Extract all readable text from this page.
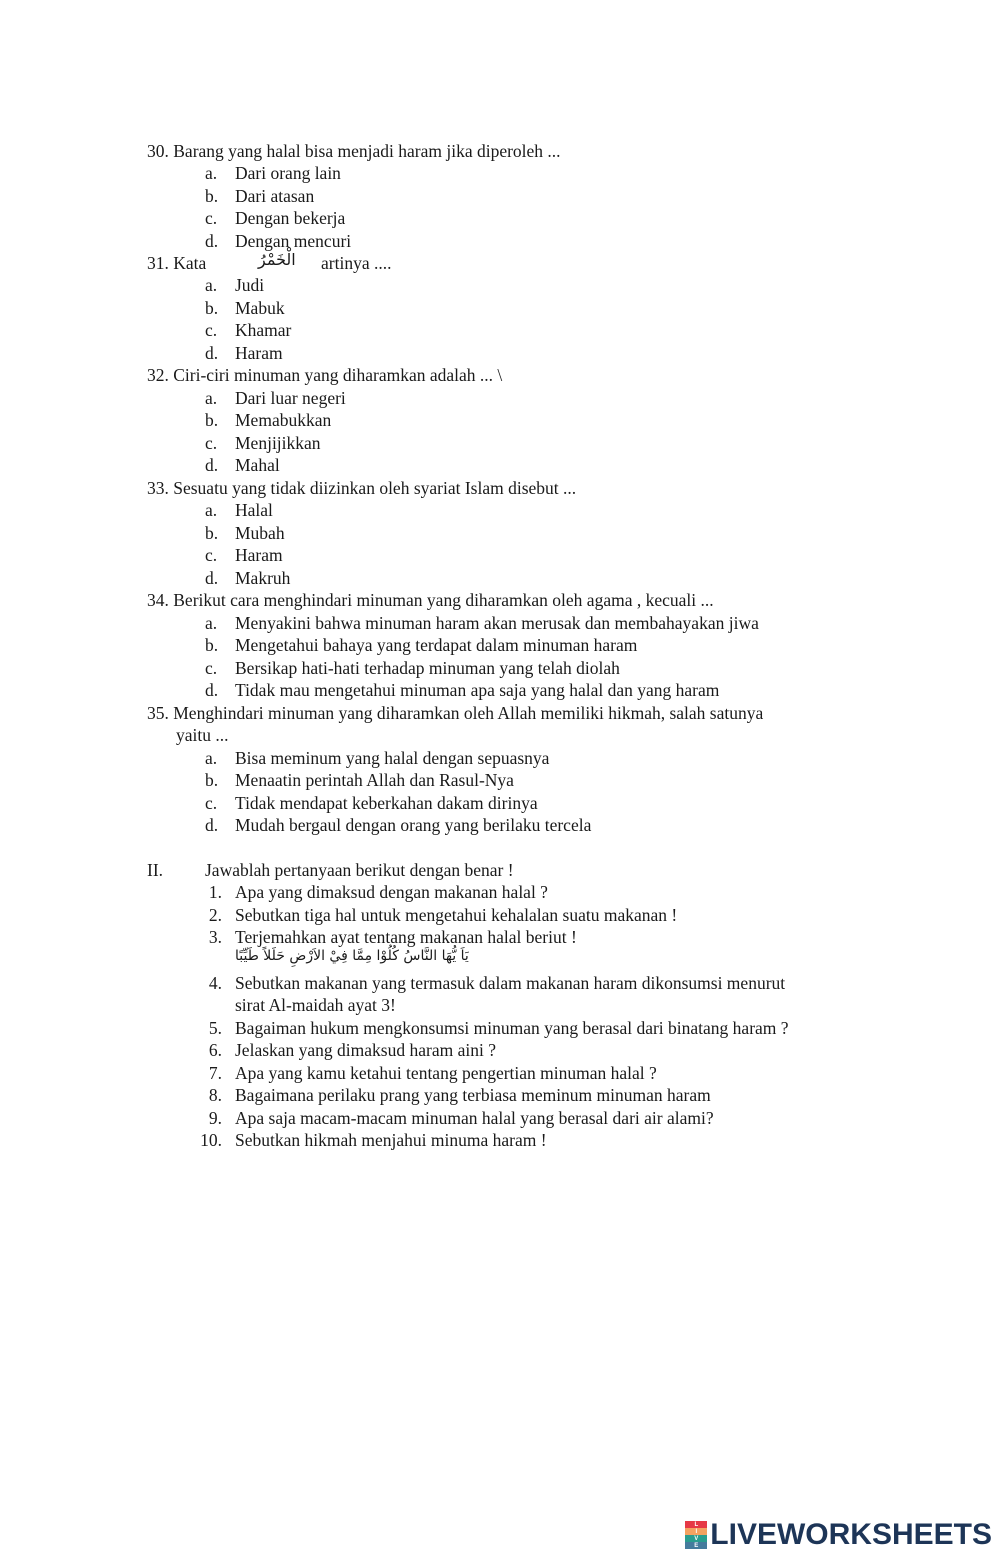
30. Barang yang halal bisa menjadi haram jika diperoleh ...
a. Dari orang lain
b. Dari atasan
c. Dengan bekerja
d. Dengan mencuri
31. Kata	الْخَمْرُ artinya ....
a. Judi
b. Mabuk
c. Khamar
d. Haram
32. Ciri-ciri minuman yang diharamkan adalah ... \
a. Dari luar negeri
b. Memabukkan
c. Menjijikkan
d. Mahal
33. Sesuatu yang tidak diizinkan oleh syariat Islam disebut ...
a. Halal
b. Mubah
c. Haram
d. Makruh
34. Berikut cara menghindari minuman yang diharamkan oleh agama , kecuali ...
a. Menyakini bahwa minuman haram akan merusak dan membahayakan jiwa
b. Mengetahui bahaya yang terdapat dalam minuman haram
c. Bersikap hati-hati terhadap minuman yang telah diolah
d. Tidak mau mengetahui minuman apa saja yang halal dan yang haram
35. Menghindari minuman yang diharamkan oleh Allah memiliki hikmah, salah satunya
yaitu ...
a. Bisa meminum yang halal dengan sepuasnya
b. Menaatin perintah Allah dan Rasul-Nya
c. Tidak mendapat keberkahan dakam dirinya
d. Mudah bergaul dengan orang yang berilaku tercela
II. Jawablah pertanyaan berikut dengan benar !
1. Apa yang dimaksud dengan makanan halal ?
2. Sebutkan tiga hal untuk mengetahui kehalalan suatu makanan !
3. Terjemahkan ayat tentang makanan halal beriut !
يَاَ يُّهَا النَّاسُ كُلُوْا مِمَّا فِيْ الاَرْضِ حَلَلاً طَيِّبًا
4. Sebutkan makanan yang termasuk dalam makanan haram dikonsumsi menurut
sirat Al-maidah ayat 3!
5. Bagaiman hukum mengkonsumsi minuman yang berasal dari binatang haram ?
6. Jelaskan yang dimaksud haram aini ?
7. Apa yang kamu ketahui tentang pengertian minuman halal ?
8. Bagaimana perilaku prang yang terbiasa meminum minuman haram
9. Apa saja macam-macam minuman halal yang berasal dari air alami?
10. Sebutkan hikmah menjahui minuma haram !
L
I
V
E LIVEWORKSHEETS
